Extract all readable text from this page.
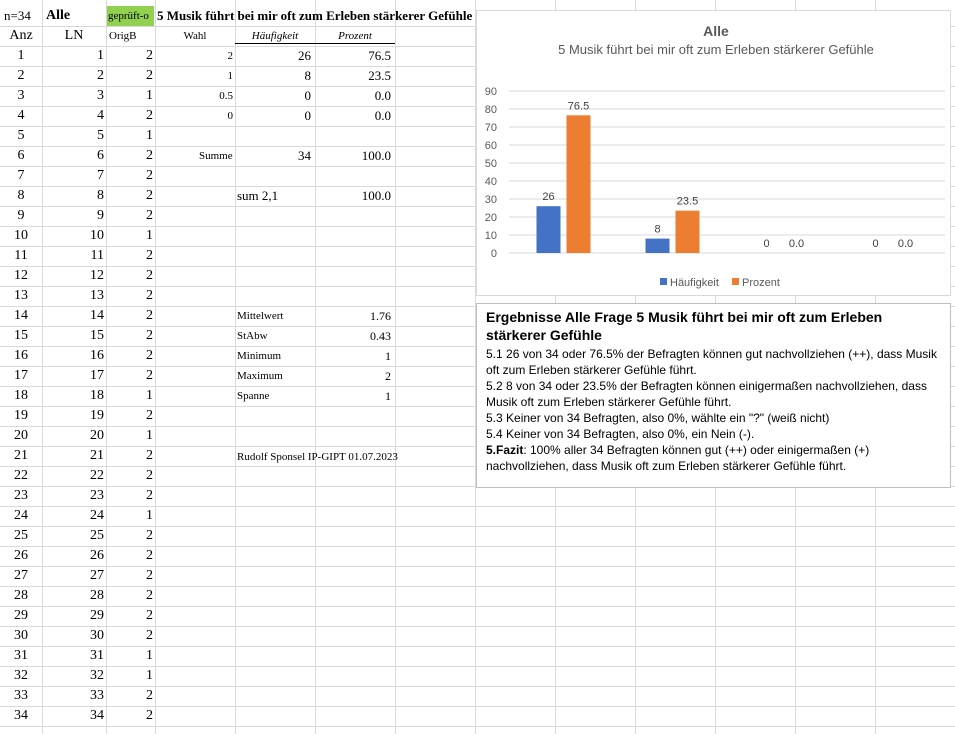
n=34 Alle	geprüft-o 5 Musik führt bei mir oft zum Erleben stärkerer Gefühle
Anz	LN	OrigB	Wahl	Häufigkeit	Prozent
1	1	2
2	2	2
3	3	1
4	4	2
5	5	1
6	6	2
7	7	2
8	8	2
9	9	2
10	10	1
11	11	2
12	12	2
13	13	2
14	14	2
15	15	2
16	16	2
17	17	2
18	18	1
19	19	2
20	20	1
21	21	2
22	22	2
23	23	2
24	24	1
25	25	2
26	26	2
27	27	2
28	28	2
29	29	2
30	30	2
31	31	1
32	32	1
33	33	2
34	34	2
2	26	76.5
1	8	23.5
0.5	0	0.0
0	0	0.0
Summe	34	100.0
sum 2,1	100.0
Mittelwert	1.76
StAbw	0.43
Minimum	1
Maximum	2
Spanne	1
Rudolf Sponsel IP-GIPT 01.07.2023
Alle
5 Musik führt bei mir oft zum Erleben stärkerer Gefühle
0
10
20
30
40
50
60
70
80
90
26
8
0	0
76.5
23.5
0.0	0.0
Häufigkeit Prozent
Ergebnisse Alle Frage 5 Musik führt bei mir oft zum Erleben stärkerer Gefühle

5.1 26 von 34 oder 76.5% der Befragten können gut nachvollziehen (++), dass Musik oft zum Erleben stärkerer Gefühle führt.

5.2 8 von 34 oder 23.5% der Befragten können einigermaßen nachvollziehen, dass Musik oft zum Erleben stärkerer Gefühle führt.

5.3 Keiner von 34 Befragten, also 0%, wählte ein "?" (weiß nicht)

5.4 Keiner von 34 Befragten, also 0%, ein Nein (-).

5.Fazit: 100% aller 34 Befragten können gut (++) oder einigermaßen (+) nachvollziehen, dass Musik oft zum Erleben stärkerer Gefühle führt.
